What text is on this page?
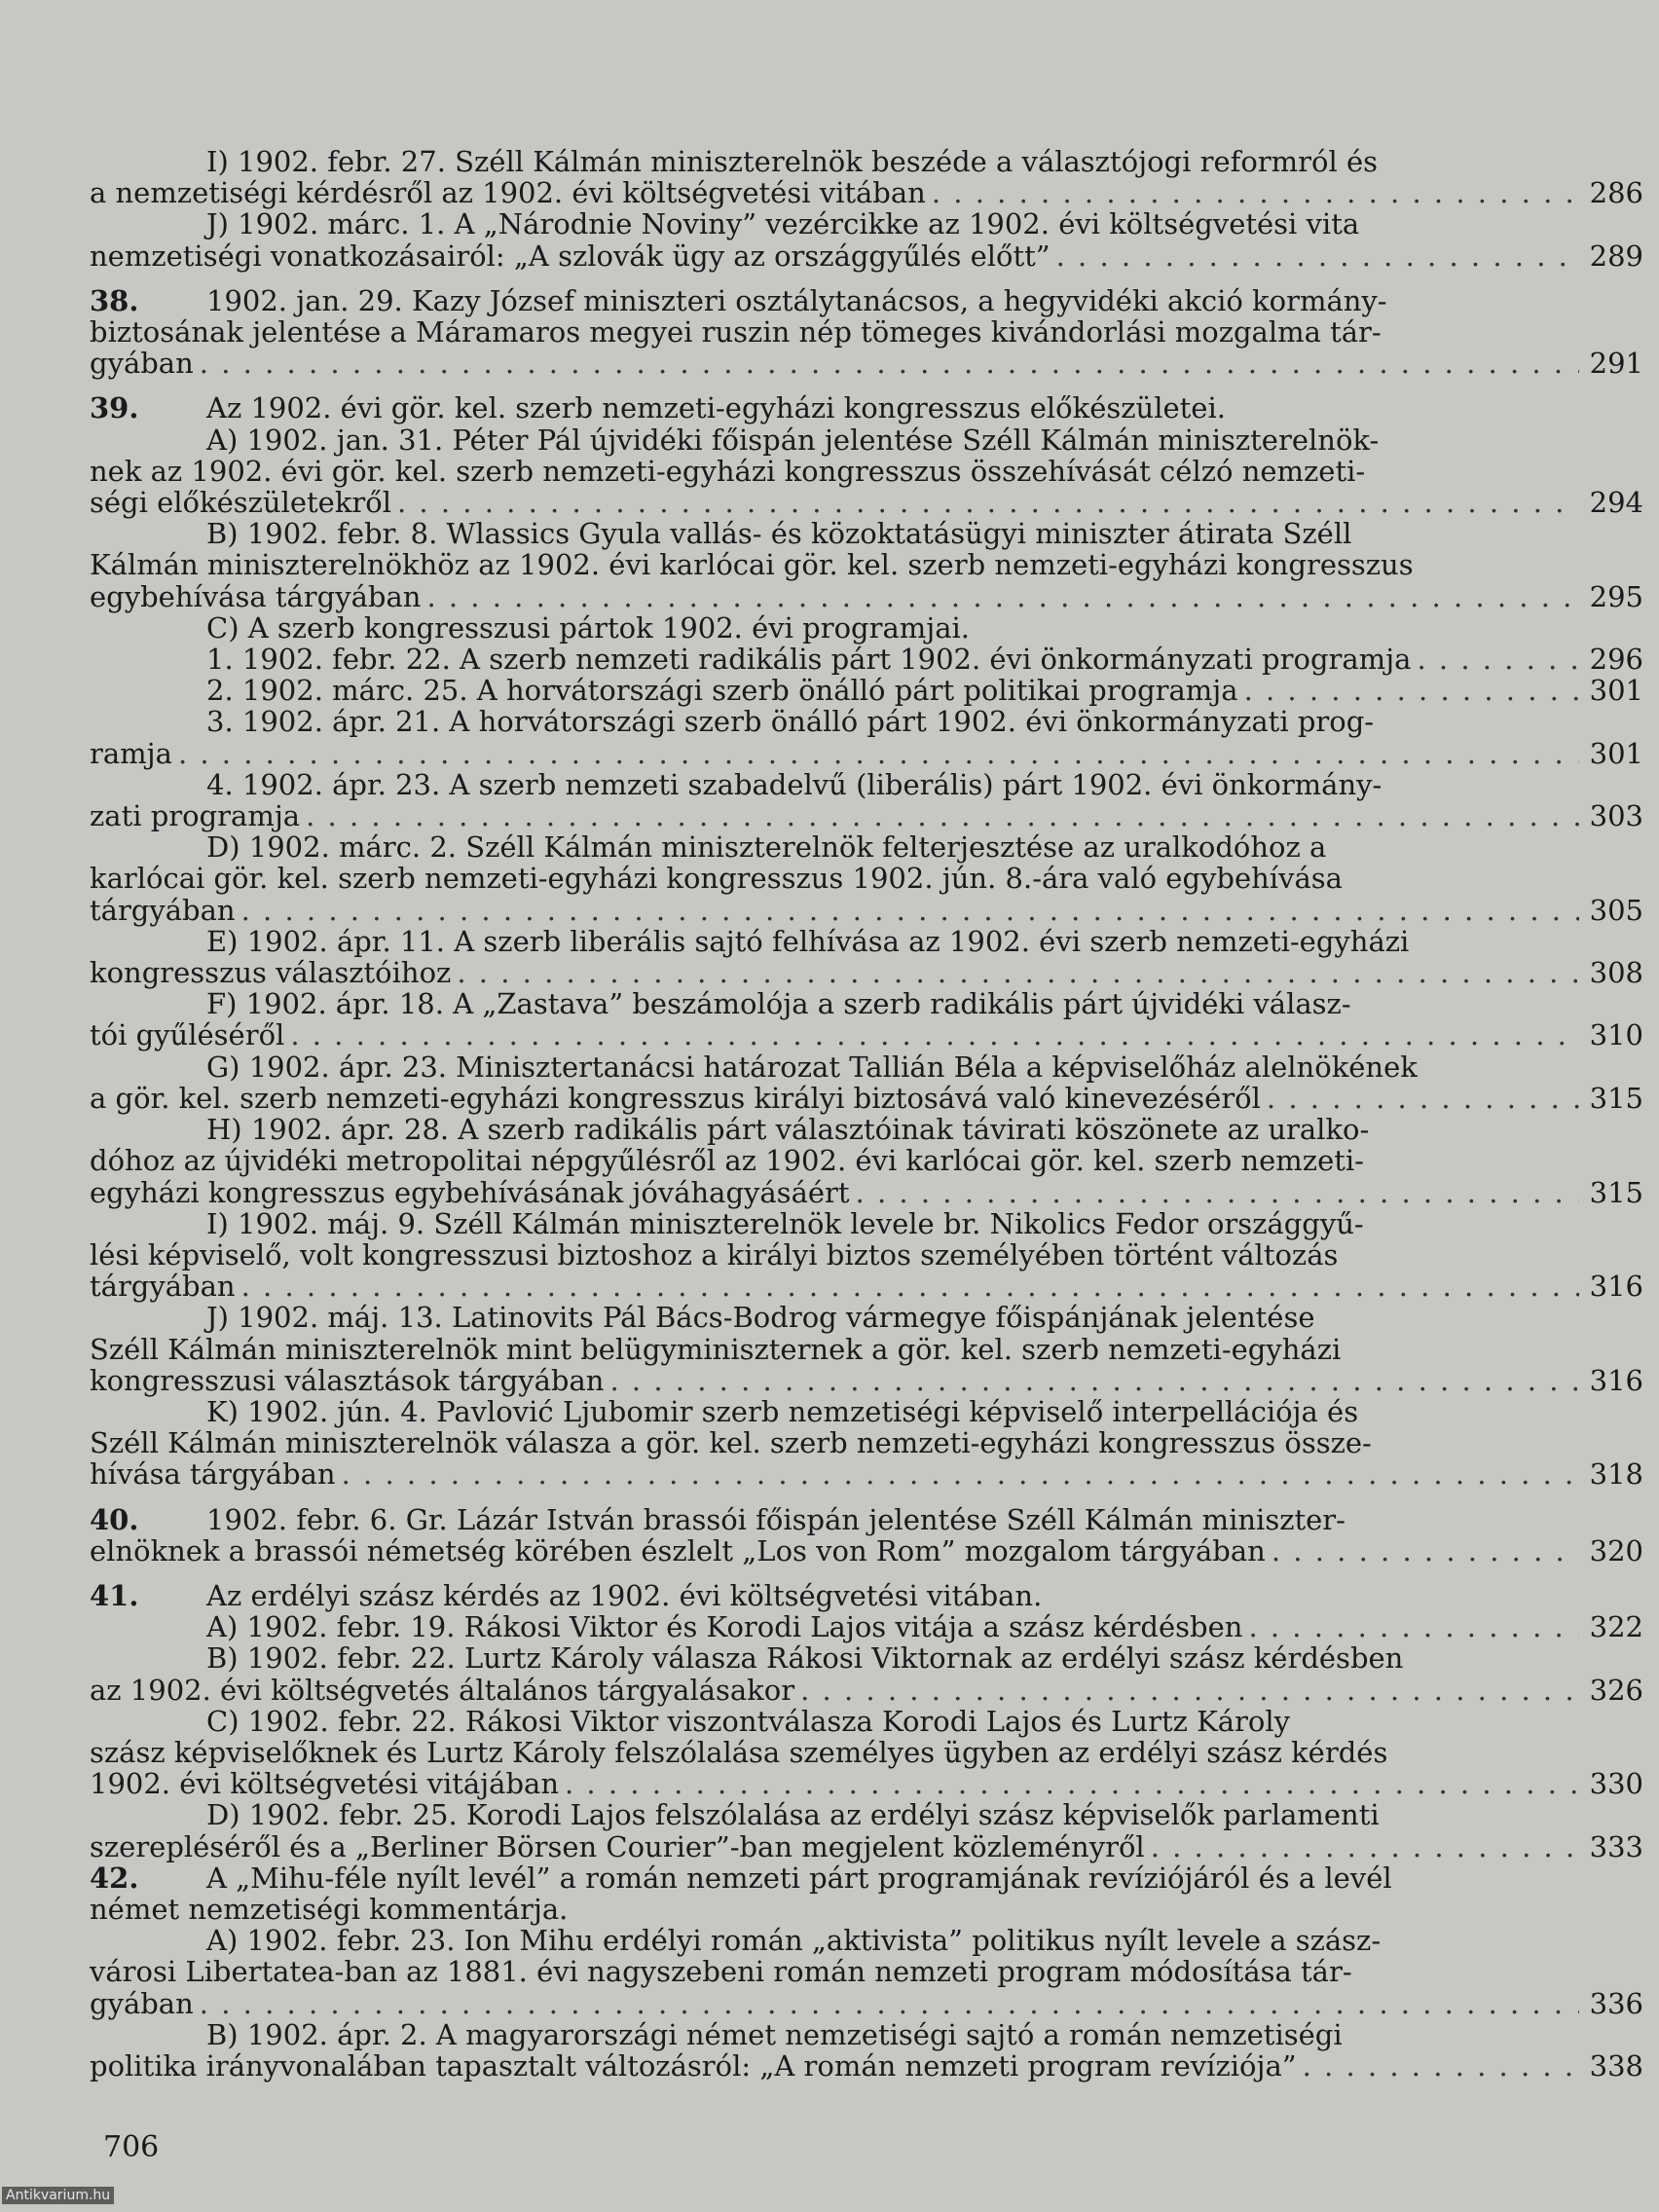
I) 1902. febr. 27. Széll Kálmán miniszterelnök beszéde a választójogi reformról és
a nemzetiségi kérdésről az 1902. évi költségvetési vitában . . .	286
J) 1902. márc. 1. A „Národnie Noviny” vezércikke az 1902. évi költségvetési vita
nemzetiségi vonatkozásairól: „A szlovák ügy az országgyűlés előtt” . . .	289
38.	1902. jan. 29. Kazy József miniszteri osztálytanácsos, a hegyvidéki akció kormány-
biztosának jelentése a Máramaros megyei ruszin nép tömeges kivándorlási mozgalma tár-
gyában . . .	291
39.	Az 1902. évi gör. kel. szerb nemzeti-egyházi kongresszus előkészületei.
A) 1902. jan. 31. Péter Pál újvidéki főispán jelentése Széll Kálmán miniszterelnök-
nek az 1902. évi gör. kel. szerb nemzeti-egyházi kongresszus összehívását célzó nemzeti-
ségi előkészületekről . . .	294
B) 1902. febr. 8. Wlassics Gyula vallás- és közoktatásügyi miniszter átirata Széll
Kálmán miniszterelnökhöz az 1902. évi karlócai gör. kel. szerb nemzeti-egyházi kongresszus
egybehívása tárgyában . . .	295
C) A szerb kongresszusi pártok 1902. évi programjai.
1. 1902. febr. 22. A szerb nemzeti radikális párt 1902. évi önkormányzati programja . . .	296
2. 1902. márc. 25. A horvátországi szerb önálló párt politikai programja . . .	301
3. 1902. ápr. 21. A horvátországi szerb önálló párt 1902. évi önkormányzati prog-
ramja . . .	301
4. 1902. ápr. 23. A szerb nemzeti szabadelvű (liberális) párt 1902. évi önkormány-
zati programja . . .	303
D) 1902. márc. 2. Széll Kálmán miniszterelnök felterjesztése az uralkodóhoz a
karlócai gör. kel. szerb nemzeti-egyházi kongresszus 1902. jún. 8.-ára való egybehívása
tárgyában . . .	305
E) 1902. ápr. 11. A szerb liberális sajtó felhívása az 1902. évi szerb nemzeti-egyházi
kongresszus választóihoz . . .	308
F) 1902. ápr. 18. A „Zastava” beszámolója a szerb radikális párt újvidéki válasz-
tói gyűléséről . . .	310
G) 1902. ápr. 23. Minisztertanácsi határozat Tallián Béla a képviselőház alelnökének
a gör. kel. szerb nemzeti-egyházi kongresszus királyi biztosává való kinevezéséről . . .	315
H) 1902. ápr. 28. A szerb radikális párt választóinak távirati köszönete az uralko-
dóhoz az újvidéki metropolitai népgyűlésről az 1902. évi karlócai gör. kel. szerb nemzeti-
egyházi kongresszus egybehívásának jóváhagyásáért . . .	315
I) 1902. máj. 9. Széll Kálmán miniszterelnök levele br. Nikolics Fedor országgyű-
lési képviselő, volt kongresszusi biztoshoz a királyi biztos személyében történt változás
tárgyában . . .	316
J) 1902. máj. 13. Latinovits Pál Bács-Bodrog vármegye főispánjának jelentése
Széll Kálmán miniszterelnök mint belügyminiszternek a gör. kel. szerb nemzeti-egyházi
kongresszusi választások tárgyában . . .	316
K) 1902. jún. 4. Pavlović Ljubomir szerb nemzetiségi képviselő interpellációja és
Széll Kálmán miniszterelnök válasza a gör. kel. szerb nemzeti-egyházi kongresszus össze-
hívása tárgyában . . .	318
40.	1902. febr. 6. Gr. Lázár István brassói főispán jelentése Széll Kálmán miniszter-
elnöknek a brassói németség körében észlelt „Los von Rom” mozgalom tárgyában . . .	320
41.	Az erdélyi szász kérdés az 1902. évi költségvetési vitában.
A) 1902. febr. 19. Rákosi Viktor és Korodi Lajos vitája a szász kérdésben . . .	322
B) 1902. febr. 22. Lurtz Károly válasza Rákosi Viktornak az erdélyi szász kérdésben
az 1902. évi költségvetés általános tárgyalásakor . . .	326
C) 1902. febr. 22. Rákosi Viktor viszontválasza Korodi Lajos és Lurtz Károly
szász képviselőknek és Lurtz Károly felszólalása személyes ügyben az erdélyi szász kérdés
1902. évi költségvetési vitájában . . .	330
D) 1902. febr. 25. Korodi Lajos felszólalása az erdélyi szász képviselők parlamenti
szerepléséről és a „Berliner Börsen Courier”-ban megjelent közleményről . . .	333
42.	A „Mihu-féle nyílt levél” a román nemzeti párt programjának revíziójáról és a levél
német nemzetiségi kommentárja.
A) 1902. febr. 23. Ion Mihu erdélyi román „aktivista” politikus nyílt levele a szász-
városi Libertatea-ban az 1881. évi nagyszebeni román nemzeti program módosítása tár-
gyában . . .	336
B) 1902. ápr. 2. A magyarországi német nemzetiségi sajtó a román nemzetiségi
politika irányvonalában tapasztalt változásról: „A román nemzeti program revíziója” . . .	338
706
Antikvarium.hu
